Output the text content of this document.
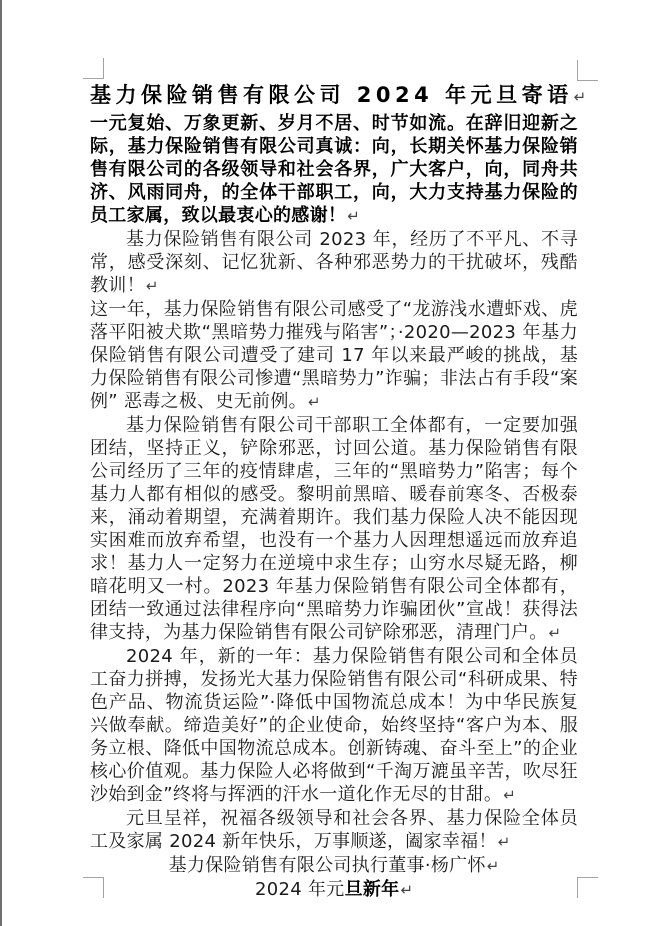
基力保险销售有限公司 2024 年元旦寄语↵

一元复始、万象更新、岁月不居、时节如流。在辞旧迎新之际，基力保险销售有限公司真诚：向，长期关怀基力保险销售有限公司的各级领导和社会各界，广大客户，向，同舟共济、风雨同舟，的全体干部职工，向，大力支持基力保险的员工家属，致以最衷心的感谢！↵

基力保险销售有限公司 2023 年，经历了不平凡、不寻常，感受深刻、记忆犹新、各种邪恶势力的干扰破坏，残酷教训！↵

这一年，基力保险销售有限公司感受了“龙游浅水遭虾戏、虎落平阳被犬欺“黑暗势力摧残与陷害”；·2020—2023 年基力保险销售有限公司遭受了建司 17 年以来最严峻的挑战，基力保险销售有限公司惨遭“黑暗势力”诈骗；非法占有手段“案例” 恶毒之极、史无前例。↵

基力保险销售有限公司干部职工全体都有，一定要加强团结，坚持正义，铲除邪恶，讨回公道。基力保险销售有限公司经历了三年的疫情肆虐，三年的“黑暗势力”陷害；每个基力人都有相似的感受。黎明前黑暗、暖春前寒冬、否极泰来，涌动着期望，充满着期许。我们基力保险人决不能因现实困难而放弃希望，也没有一个基力人因理想遥远而放弃追求！基力人一定努力在逆境中求生存；山穷水尽疑无路，柳暗花明又一村。2023 年基力保险销售有限公司全体都有，团结一致通过法律程序向“黑暗势力诈骗团伙”宣战！获得法律支持，为基力保险销售有限公司铲除邪恶，清理门户。↵

2024 年，新的一年：基力保险销售有限公司和全体员工奋力拼搏，发扬光大基力保险销售有限公司“科研成果、特色产品、物流货运险”·降低中国物流总成本！为中华民族复兴做奉献。缔造美好”的企业使命，始终坚持“客户为本、服务立根、降低中国物流总成本。创新铸魂、奋斗至上”的企业核心价值观。基力保险人必将做到“千淘万漉虽辛苦，吹尽狂沙始到金”终将与挥洒的汗水一道化作无尽的甘甜。↵

元旦呈祥，祝福各级领导和社会各界、基力保险全体员工及家属 2024 新年快乐，万事顺遂，阖家幸福！↵

基力保险销售有限公司执行董事·杨广怀↵

2024 年元旦新年↵
